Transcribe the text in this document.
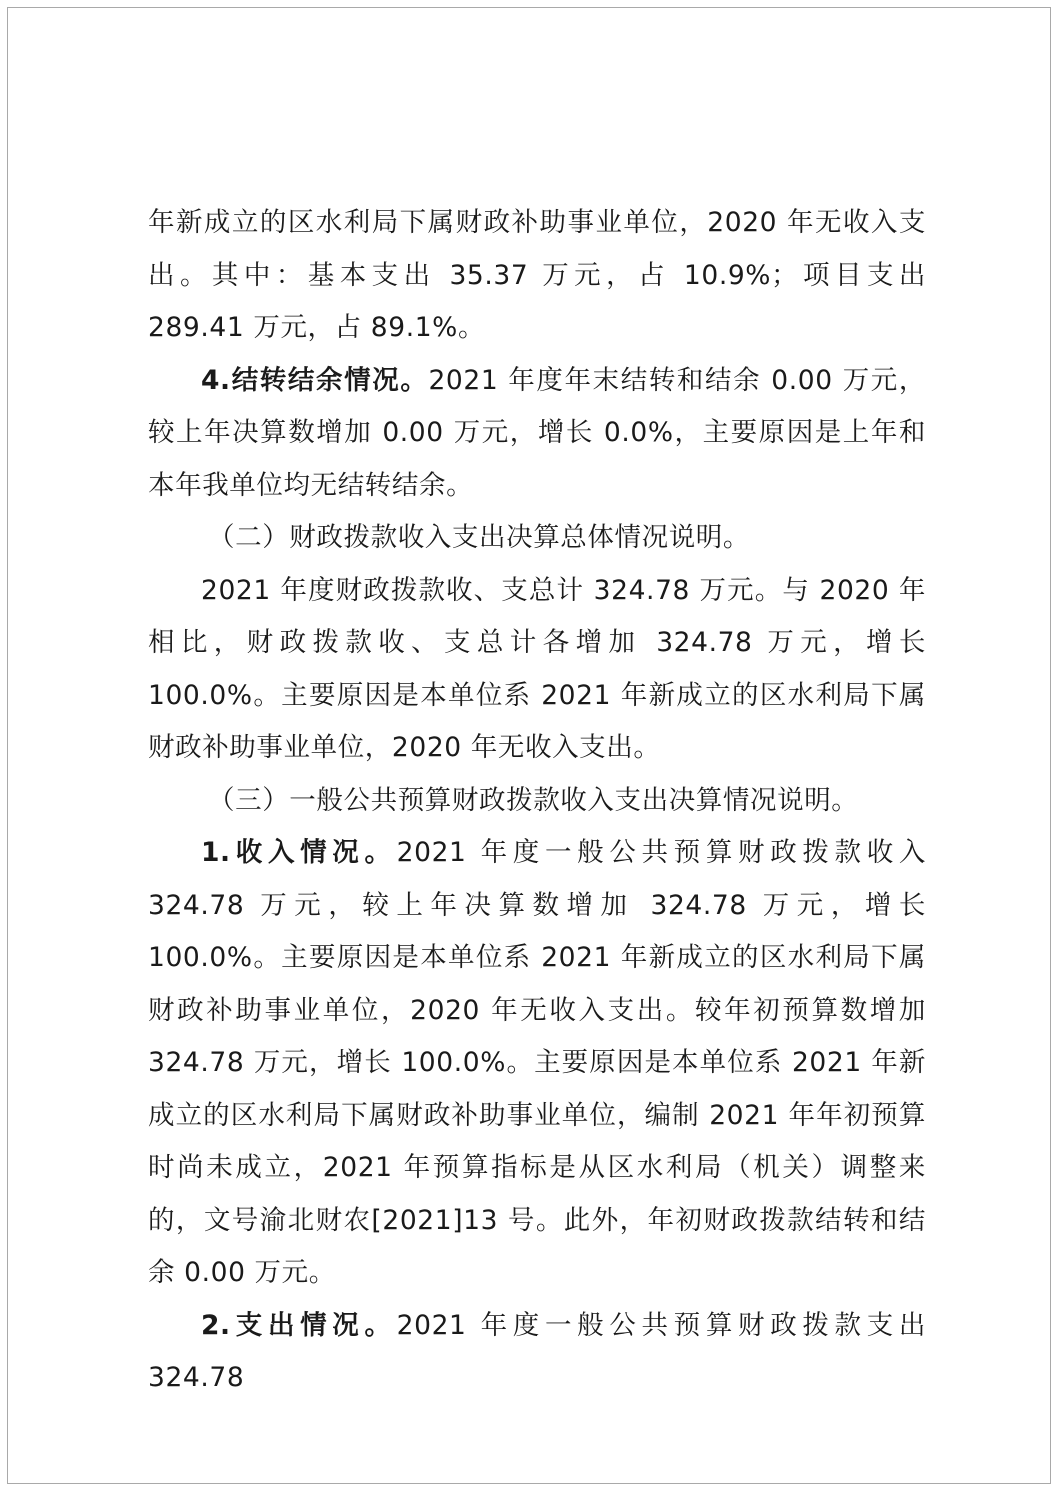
年新成立的区水利局下属财政补助事业单位，2020 年无收入支出。其中：基本支出 35.37 万元，占 10.9%；项目支出 289.41 万元，占 89.1%。

4.结转结余情况。2021 年度年末结转和结余 0.00 万元，较上年决算数增加 0.00 万元，增长 0.0%，主要原因是上年和本年我单位均无结转结余。

（二）财政拨款收入支出决算总体情况说明。

2021 年度财政拨款收、支总计 324.78 万元。与 2020 年相比，财政拨款收、支总计各增加 324.78 万元，增长 100.0%。主要原因是本单位系 2021 年新成立的区水利局下属财政补助事业单位，2020 年无收入支出。

（三）一般公共预算财政拨款收入支出决算情况说明。

1.收入情况。2021 年度一般公共预算财政拨款收入 324.78 万元，较上年决算数增加 324.78 万元，增长 100.0%。主要原因是本单位系 2021 年新成立的区水利局下属财政补助事业单位，2020 年无收入支出。较年初预算数增加 324.78 万元，增长 100.0%。主要原因是本单位系 2021 年新成立的区水利局下属财政补助事业单位，编制 2021 年年初预算时尚未成立，2021 年预算指标是从区水利局（机关）调整来的，文号渝北财农[2021]13 号。此外，年初财政拨款结转和结余 0.00 万元。

2.支出情况。2021 年度一般公共预算财政拨款支出 324.78
